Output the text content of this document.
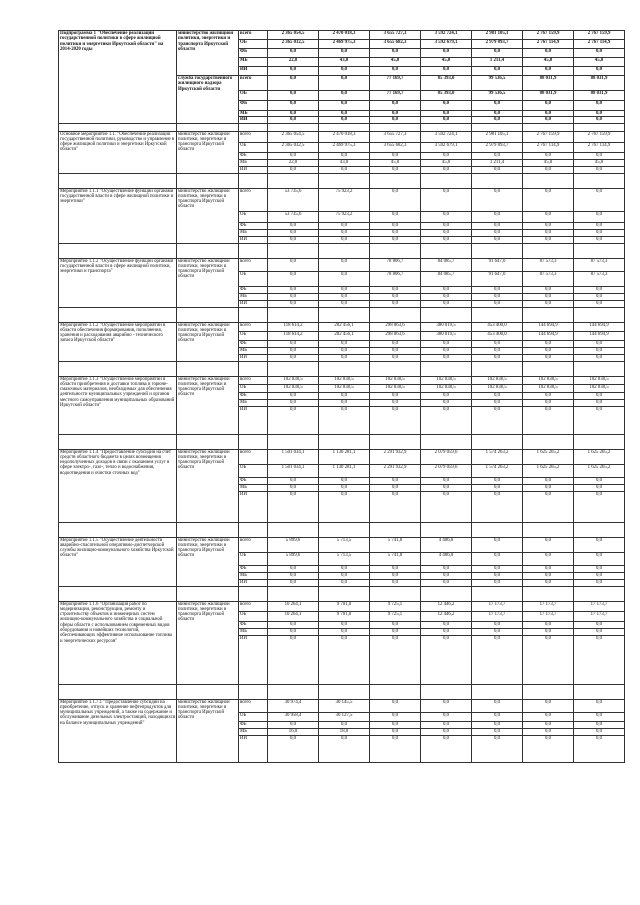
Подпрограмма 1 "Обеспечение реализации государственной политики в сфере жилищной политики и энергетики Иркутской области" на 2014-2020 годы	министерство жилищной политики, энергетики и транспорта Иркутской области	всего	2 365 054,5	2 470 018,3	3 655 727,3	3 592 724,1	2 981 105,1	2 767 159,9	2 767 159,9
		ОБ	2 365 032,5	2 469 975,3	3 655 682,3	3 592 679,1	2 979 893,7	2 767 114,9	2 767 114,9
		ФБ	0,0	0,0	0,0	0,0	0,0	0,0	0,0
		МБ	22,0	43,0	45,0	45,0	1 211,4	45,0	45,0
		ИИ	0,0	0,0	0,0	0,0	0,0	0,0	0,0
	служба государственного жилищного надзора Иркутской области	всего	0,0	0,0	77 169,7	85 393,0	99 536,5	88 031,9	88 031,9
		ОБ	0,0	0,0	77 169,7	85 393,0	99 536,5	88 031,9	88 031,9
		ФБ	0,0	0,0	0,0	0,0	0,0	0,0	0,0
		МБ	0,0	0,0	0,0	0,0	0,0	0,0	0,0
		ИИ	0,0	0,0	0,0	0,0	0,0	0,0	0,0

Основное мероприятие 1.1. "Обеспечение реализации государственной политики, руководство и управление в сфере жилищной политики и энергетики Иркутской области"	министерство жилищной политики, энергетики и транспорта Иркутской области	всего	2 365 054,5	2 470 018,3	3 655 727,3	3 592 724,1	2 981 105,1	2 767 159,9	2 767 159,9
		ОБ	2 365 032,5	2 469 975,3	3 655 682,3	3 592 679,1	2 979 893,7	2 767 114,9	2 767 114,9
		ФБ	0,0	0,0	0,0	0,0	0,0	0,0	0,0
		МБ	22,0	43,0	45,0	45,0	1 211,4	45,0	45,0
		ИИ	0,0	0,0	0,0	0,0	0,0	0,0	0,0

Мероприятие 1.1.1 "Осуществление функций органами государственной власти в сфере жилищной политики и энергетики"	министерство жилищной политики, энергетики и транспорта Иркутской области	всего	53 735,6	75 923,2	0,0	0,0	0,0	0,0	0,0
		ОБ	53 735,6	75 923,2	0,0	0,0	0,0	0,0	0,0
		ФБ	0,0	0,0	0,0	0,0	0,0	0,0	0,0
		МБ	0,0	0,0	0,0	0,0	0,0	0,0	0,0
		ИИ	0,0	0,0	0,0	0,0	0,0	0,0	0,0

Мероприятие 1.1.2 "Осуществление функций органами государственной власти в сфере жилищной политики, энергетики и транспорта"	министерство жилищной политики, энергетики и транспорта Иркутской области	всего	0,0	0,0	78 806,7	84 085,7	91 647,0	87 573,3	87 573,3
		ОБ	0,0	0,0	78 806,7	84 085,7	91 647,0	87 573,3	87 573,3
		ФБ	0,0	0,0	0,0	0,0	0,0	0,0	0,0
		МБ	0,0	0,0	0,0	0,0	0,0	0,0	0,0
		ИИ	0,0	0,0	0,0	0,0	0,0	0,0	0,0

Мероприятие 1.1.2 "Осуществление мероприятий в области обеспечения формирования, пополнения, хранения и расходования аварийно - технического запаса Иркутской области"	министерство жилищной политики, энергетики и транспорта Иркутской области	всего	118 614,2	282 456,1	298 063,6	380 019,5	453 400,0	144 694,9	144 694,9
		ОБ	118 614,2	282 456,1	298 063,6	380 019,5	453 400,0	144 694,9	144 694,9
		ФБ	0,0	0,0	0,0	0,0	0,0	0,0	0,0
		МБ	0,0	0,0	0,0	0,0	0,0	0,0	0,0
		ИИ	0,0	0,0	0,0	0,0	0,0	0,0	0,0

Мероприятие 1.1.3 "Осуществление мероприятий в области приобретения и доставки топлива и горюче-смазочных материалов, необходимых для обеспечения деятельности муниципальных учреждений и органов местного самоуправления муниципальных образований Иркутской области"	министерство жилищной политики, энергетики и транспорта Иркутской области	всего	102 838,5	102 838,5	102 838,5	102 838,5	102 838,5	102 838,5	102 838,5
		ОБ	102 838,5	102 838,5	102 838,5	102 838,5	102 838,5	102 838,5	102 838,5
		ФБ	0,0	0,0	0,0	0,0	0,0	0,0	0,0
		МБ	0,0	0,0	0,0	0,0	0,0	0,0	0,0
		ИИ	0,0	0,0	0,0	0,0	0,0	0,0	0,0

Мероприятие 1.1.4 "Предоставление субсидий на счет средств областного бюджета в целях возмещения недополученных доходов в связи с оказанием услуг в сфере электро-, газо-, тепло и водоснабжения, водоотведения и очистки сточных вод"	министерство жилищной политики, энергетики и транспорта Иркутской области	всего	1 501 034,1	1 130 281,1	2 291 932,9	2 079 059,6	1 574 263,2	1 625 265,2	1 625 265,2
		ОБ	1 501 034,1	1 130 281,1	2 291 932,9	2 079 059,6	1 574 263,2	1 625 265,2	1 625 265,2
		ФБ	0,0	0,0	0,0	0,0	0,0	0,0	0,0
		МБ	0,0	0,0	0,0	0,0	0,0	0,0	0,0
		ИИ	0,0	0,0	0,0	0,0	0,0	0,0	0,0

Мероприятие 1.1.5 "Осуществление деятельности аварийно-спасательной оперативно-диспетчерской службы жилищно-коммунального хозяйства Иркутской области"	министерство жилищной политики, энергетики и транспорта Иркутской области	всего	5 899,6	5 713,5	5 741,8	4 406,0	0,0	0,0	0,0
		ОБ	5 899,6	5 713,5	5 741,8	4 406,0	0,0	0,0	0,0
		ФБ	0,0	0,0	0,0	0,0	0,0	0,0	0,0
		МБ	0,0	0,0	0,0	0,0	0,0	0,0	0,0
		ИИ	0,0	0,0	0,0	0,0	0,0	0,0	0,0

Мероприятие 1.1.6 "Организация работ по модернизации, реконструкции, ремонту и строительству объектов и инженерных систем жилищно-коммунального хозяйства и социальной сферы области с использованием современных видов оборудования и новейших технологий, обеспечивающих эффективное использование топлива и энергетических ресурсов"	министерство жилищной политики, энергетики и транспорта Иркутской области	всего	10 264,1	9 701,0	9 725,1	12 446,2	17 173,7	17 173,7	17 173,7
		ОБ	10 264,1	9 701,0	9 725,1	12 446,2	17 173,7	17 173,7	17 173,7
		ФБ	0,0	0,0	0,0	0,0	0,0	0,0	0,0
		МБ	0,0	0,0	0,0	0,0	0,0	0,0	0,0
		ИИ	0,0	0,0	0,0	0,0	0,0	0,0	0,0

Мероприятие 1.1.7.1 "Предоставление субсидий на приобретение, отпуск и хранение нефтепродуктов для муниципальных учреждений, а также на содержание и обслуживание дизельных электростанций, находящихся на балансе муниципальных учреждений"	министерство жилищной политики, энергетики и транспорта Иркутской области	всего	30 974,4	30 145,5	0,0	0,0	0,0	0,0	0,0
		ОБ	30 958,4	30 127,5	0,0	0,0	0,0	0,0	0,0
		ФБ	0,0	0,0	0,0	0,0	0,0	0,0	0,0
		МБ	16,0	18,0	0,0	0,0	0,0	0,0	0,0
		ИИ	0,0	0,0	0,0	0,0	0,0	0,0	0,0
